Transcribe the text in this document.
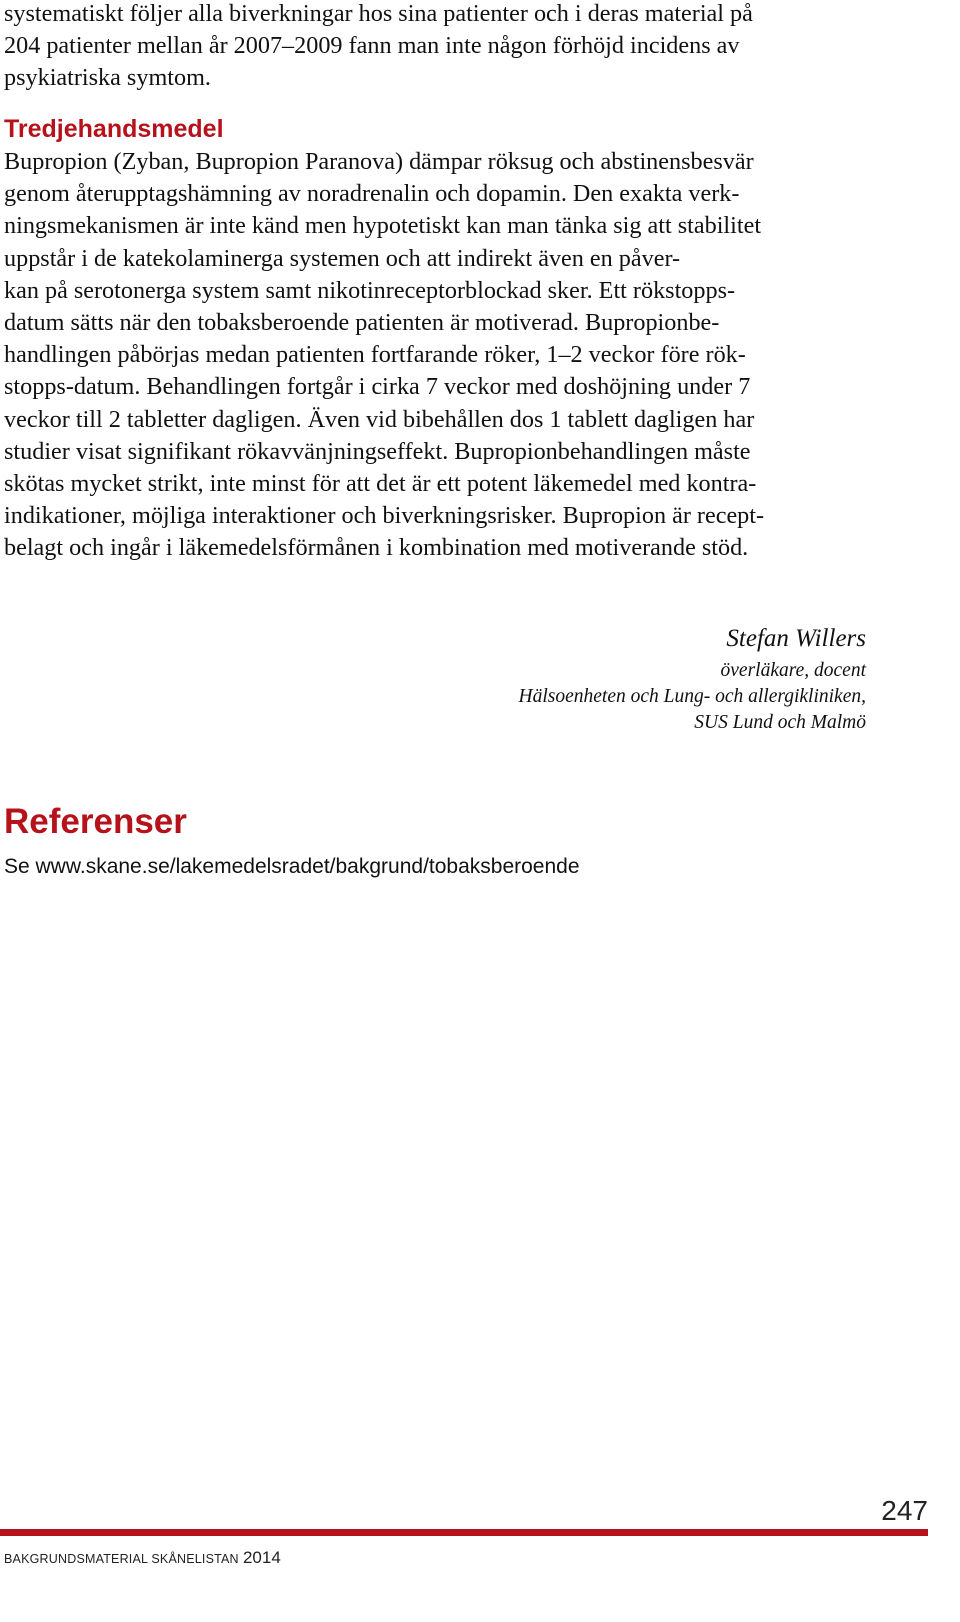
systematiskt följer alla biverkningar hos sina patienter och i deras material på

204 patienter mellan år 2007–2009 fann man inte någon förhöjd incidens av

psykiatriska symtom.

Tredjehandsmedel

Bupropion (Zyban, Bupropion Paranova) dämpar röksug och abstinensbesvär

genom återupptagshämning av noradrenalin och dopamin. Den exakta verk-

ningsmekanismen är inte känd men hypotetiskt kan man tänka sig att stabilitet

uppstår i de katekolaminerga systemen och att indirekt även en påver-

kan på serotonerga system samt nikotinreceptorblockad sker. Ett rökstopps-

datum sätts när den tobaksberoende patienten är motiverad. Bupropionbe-

handlingen påbörjas medan patienten fortfarande röker, 1–2 veckor före rök-

stopps-datum. Behandlingen fortgår i cirka 7 veckor med doshöjning under 7

veckor till 2 tabletter dagligen. Även vid bibehållen dos 1 tablett dagligen har

studier visat signifikant rökavvänjningseffekt. Bupropionbehandlingen måste

skötas mycket strikt, inte minst för att det är ett potent läkemedel med kontra-

indikationer, möjliga interaktioner och biverkningsrisker. Bupropion är recept-

belagt och ingår i läkemedelsförmånen i kombination med motiverande stöd.

Stefan Willers
överläkare, docent
Hälsoenheten och Lung- och allergikliniken,
SUS Lund och Malmö
Referenser
Se www.skane.se/lakemedelsradet/bakgrund/tobaksberoende
247
BAKGRUNDSMATERIAL SKÅNELISTAN 2014
